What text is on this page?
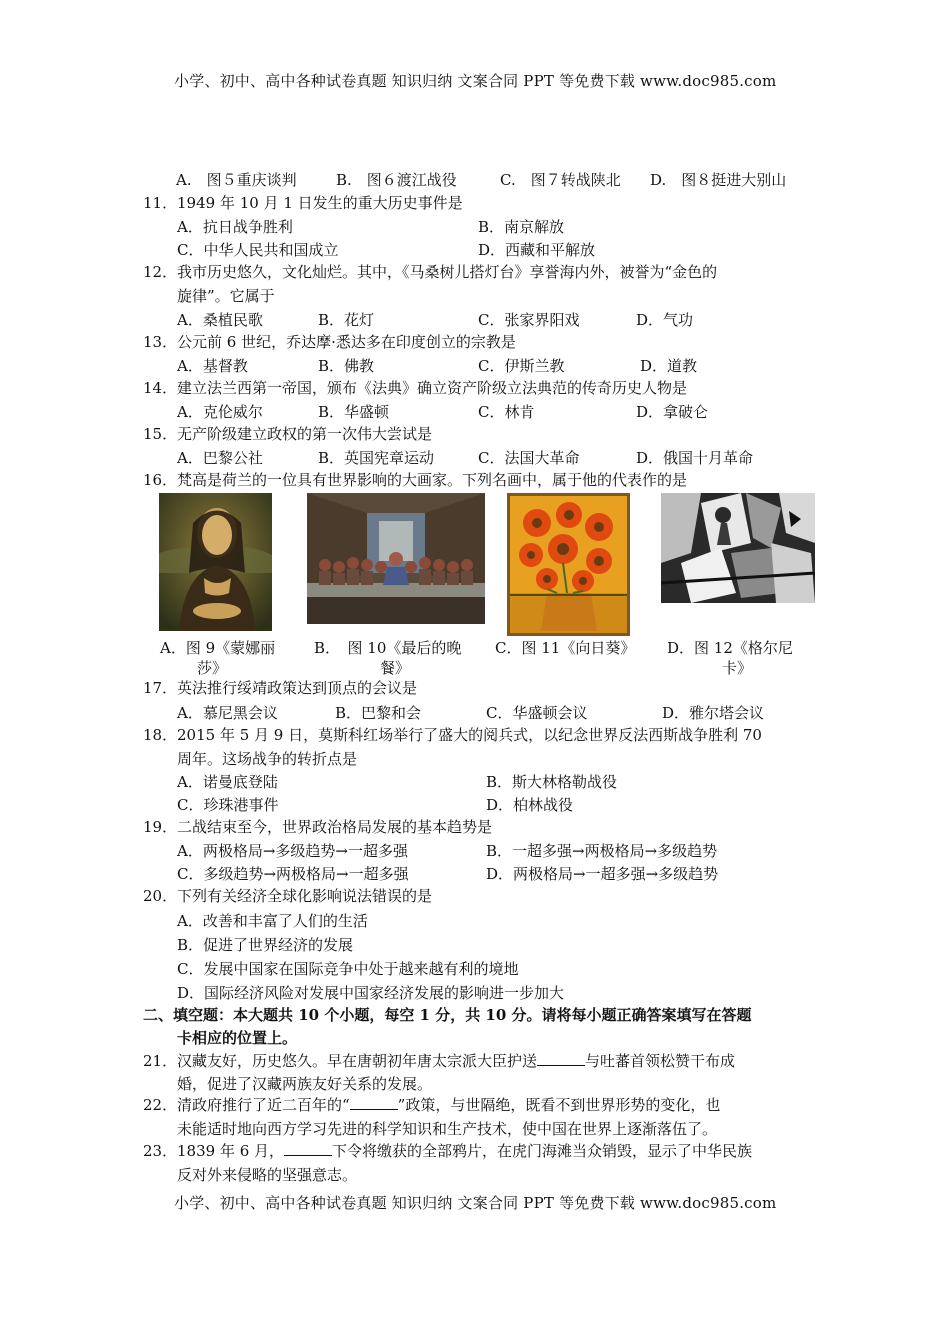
小学、初中、高中各种试卷真题 知识归纳 文案合同 PPT 等免费下载 www.doc985.com
A.　图５重庆谈判	B.　图６渡江战役	C.　图７转战陕北 D.　图８挺进大别山
11． 1949 年 10 月 1 日发生的重大历史事件是
A．抗日战争胜利	B．南京解放
C．中华人民共和国成立	D．西藏和平解放
12． 我市历史悠久，文化灿烂。其中，《马桑树儿搭灯台》享誉海内外，被誉为“金色的
旋律”。它属于
A．桑植民歌	B．花灯	C．张家界阳戏	D．气功
13． 公元前 6 世纪，乔达摩·悉达多在印度创立的宗教是
A．基督教	B．佛教	C．伊斯兰教	D．道教
14． 建立法兰西第一帝国，颁布《法典》确立资产阶级立法典范的传奇历史人物是
A．克伦威尔	B．华盛顿	C．林肯	D．拿破仑
15． 无产阶级建立政权的第一次伟大尝试是
A．巴黎公社	B．英国宪章运动	C．法国大革命	D．俄国十月革命
16． 梵高是荷兰的一位具有世界影响的大画家。下列名画中，属于他的代表作的是
A．图 9《蒙娜丽
莎》
B．　图 10《最后的晚
餐》
C．图 11《向日葵》 D．图 12《格尔尼
卡》
17． 英法推行绥靖政策达到顶点的会议是
A．慕尼黑会议	B．巴黎和会	C．华盛顿会议	D．雅尔塔会议
18． 2015 年 5 月 9 日，莫斯科红场举行了盛大的阅兵式，以纪念世界反法西斯战争胜利 70
周年。这场战争的转折点是
A．诺曼底登陆	B．斯大林格勒战役
C．珍珠港事件	D．柏林战役
19． 二战结束至今，世界政治格局发展的基本趋势是
A．两极格局→多级趋势→一超多强	B．一超多强→两极格局→多级趋势
C．多级趋势→两极格局→一超多强	D．两极格局→一超多强→多级趋势
20． 下列有关经济全球化影响说法错误的是
A．改善和丰富了人们的生活
B．促进了世界经济的发展
C．发展中国家在国际竞争中处于越来越有利的境地
D．国际经济风险对发展中国家经济发展的影响进一步加大
二、填空题：本大题共 10 个小题，每空 1 分，共 10 分。请将每小题正确答案填写在答题
卡相应的位置上。
21． 汉藏友好，历史悠久。早在唐朝初年唐太宗派大臣护送	与吐蕃首领松赞干布成
婚，促进了汉藏两族友好关系的发展。
22． 清政府推行了近二百年的“	”政策，与世隔绝，既看不到世界形势的变化，也
未能适时地向西方学习先进的科学知识和生产技术，使中国在世界上逐渐落伍了。
23． 1839 年 6 月，	下令将缴获的全部鸦片，在虎门海滩当众销毁，显示了中华民族
反对外来侵略的坚强意志。
小学、初中、高中各种试卷真题 知识归纳 文案合同 PPT 等免费下载 www.doc985.com
